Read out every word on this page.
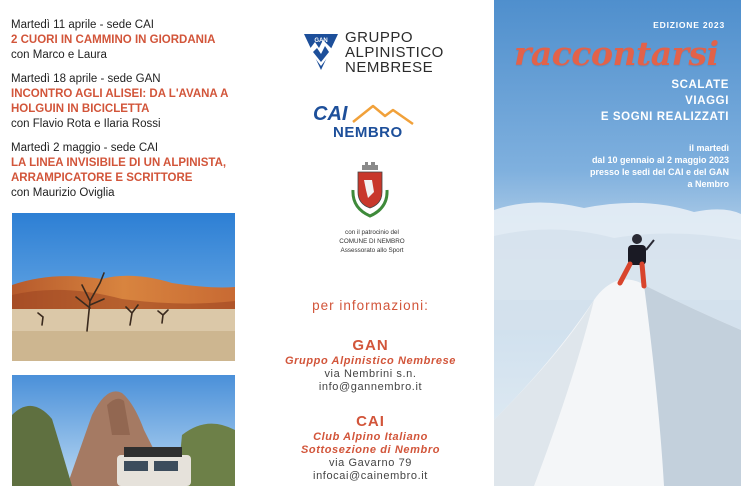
Martedì 11 aprile - sede CAI
2 CUORI IN CAMMINO IN GIORDANIA
con Marco e Laura
Martedì 18 aprile - sede GAN
INCONTRO AGLI ALISEI: DA L'AVANA A
HOLGUIN IN BICICLETTA
con Flavio Rota e Ilaria Rossi
Martedì 2 maggio - sede CAI
LA LINEA INVISIBILE DI UN ALPINISTA,
ARRAMPICATORE E SCRITTORE
con Maurizio Oviglia
GAN GRUPPO
ALPINISTICO
NEMBRESE
CAI
NEMBRO
con il patrocinio del
COMUNE DI NEMBRO
Assessorato allo Sport
per informazioni:
GAN
Gruppo Alpinistico Nembrese
via Nembrini s.n.
info@gannembro.it
CAI
Club Alpino Italiano
Sottosezione di Nembro
via Gavarno 79
infocai@cainembro.it
EDIZIONE 2023
raccontarsi
SCALATE
VIAGGI
E SOGNI REALIZZATI
il martedì
dal 10 gennaio al 2 maggio 2023
presso le sedi del CAI e del GAN
a Nembro
